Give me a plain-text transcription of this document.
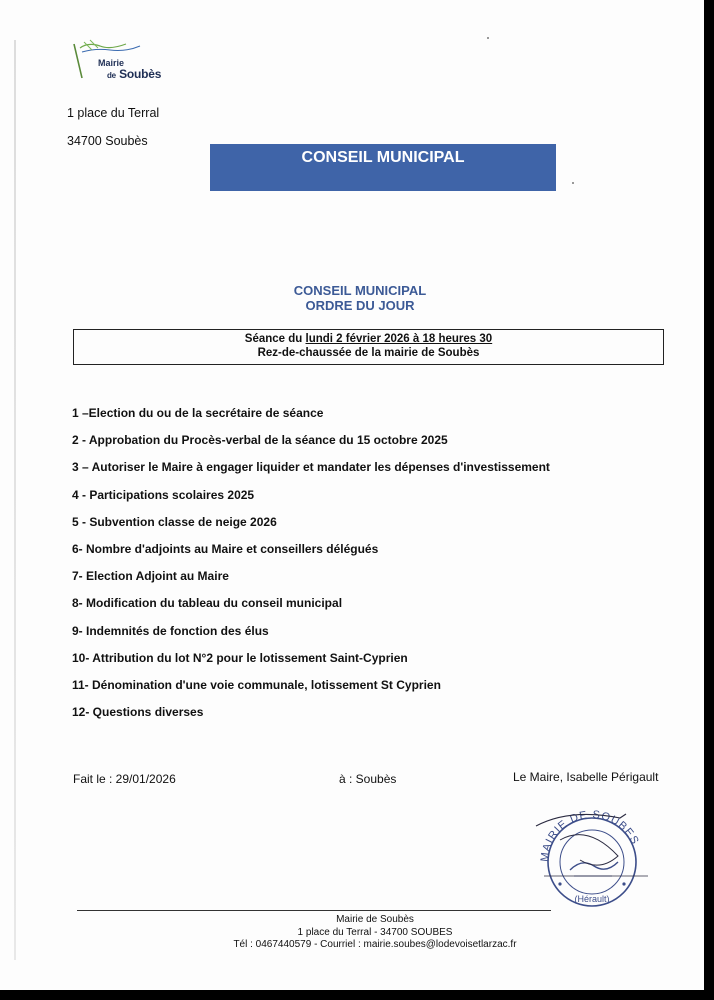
Mairie
de Soubès
1 place du Terral
34700 Soubès
CONSEIL MUNICIPAL
CONSEIL MUNICIPAL
ORDRE DU JOUR
Séance du lundi 2 février 2026 à 18 heures 30
Rez-de-chaussée de la mairie de Soubès
1 –Election du ou de la secrétaire de séance
2 - Approbation du Procès-verbal de la séance du 15 octobre 2025
3 – Autoriser le Maire à engager liquider et mandater les dépenses d'investissement
4 - Participations scolaires 2025
5 - Subvention classe de neige 2026
6- Nombre d'adjoints au Maire et conseillers délégués
7- Election Adjoint au Maire
8- Modification du tableau du conseil municipal
9- Indemnités de fonction des élus
10- Attribution du lot N°2 pour le lotissement Saint-Cyprien
11- Dénomination d'une voie communale, lotissement St Cyprien
12- Questions diverses
Fait le : 29/01/2026	à : Soubès	Le Maire, Isabelle Périgault
MAIRIE DE SOUBES
(Hérault)
Mairie de Soubès
1 place du Terral - 34700 SOUBES
Tél : 0467440579 - Courriel : mairie.soubes@lodevoisetlarzac.fr
